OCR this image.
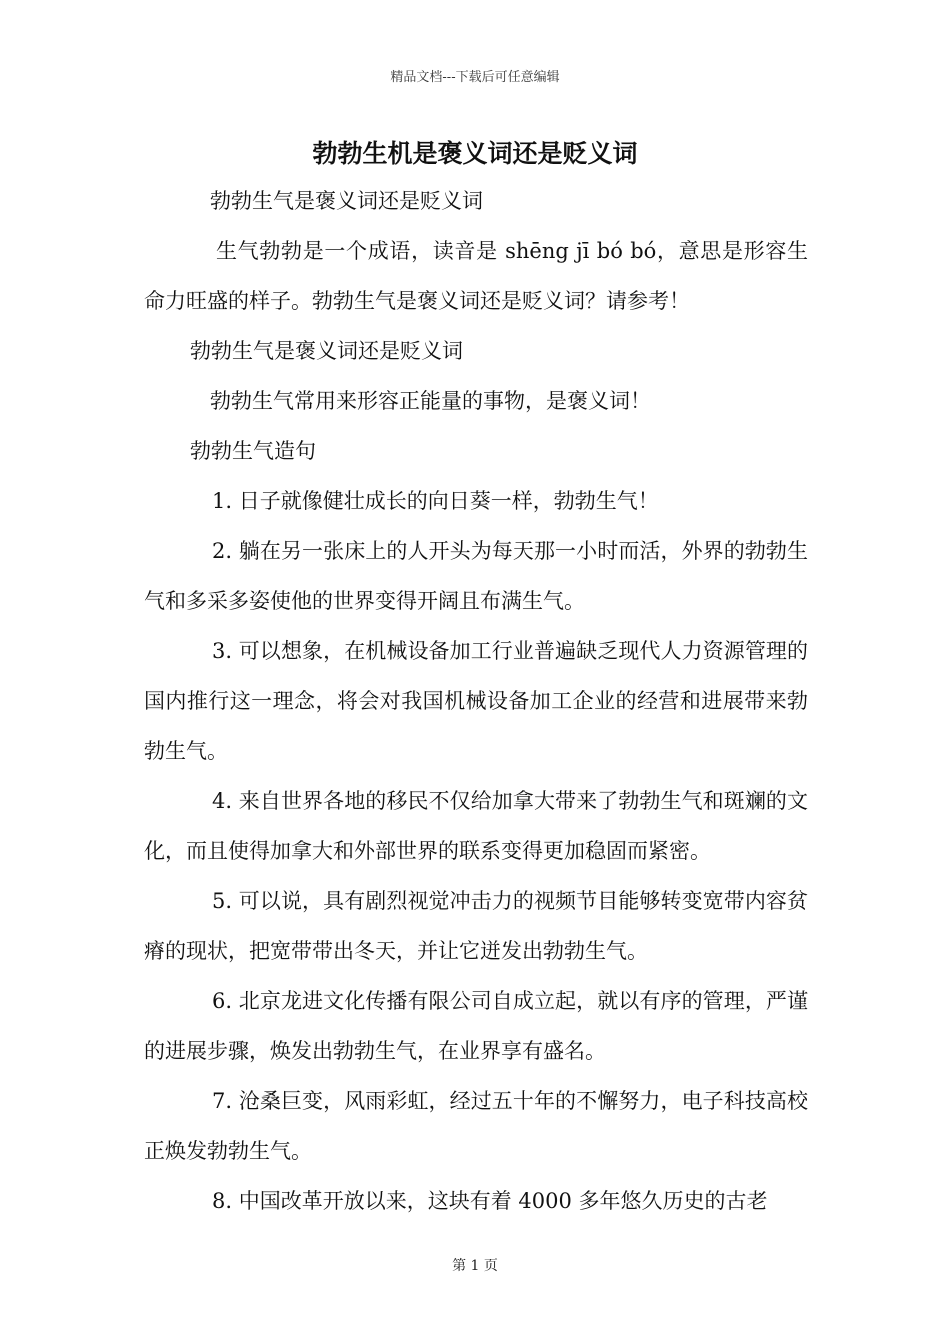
精品文档---下载后可任意编辑
勃勃生机是褒义词还是贬义词

勃勃生气是褒义词还是贬义词

生气勃勃是一个成语，读音是 shēng jī bó bó，意思是形容生命力旺盛的样子。勃勃生气是褒义词还是贬义词？请参考！

勃勃生气是褒义词还是贬义词

勃勃生气常用来形容正能量的事物，是褒义词！

勃勃生气造句

1. 日子就像健壮成长的向日葵一样，勃勃生气！

2. 躺在另一张床上的人开头为每天那一小时而活，外界的勃勃生气和多采多姿使他的世界变得开阔且布满生气。

3. 可以想象，在机械设备加工行业普遍缺乏现代人力资源管理的国内推行这一理念，将会对我国机械设备加工企业的经营和进展带来勃勃生气。

4. 来自世界各地的移民不仅给加拿大带来了勃勃生气和斑斓的文化，而且使得加拿大和外部世界的联系变得更加稳固而紧密。

5. 可以说，具有剧烈视觉冲击力的视频节目能够转变宽带内容贫瘠的现状，把宽带带出冬天，并让它迸发出勃勃生气。

6. 北京龙进文化传播有限公司自成立起，就以有序的管理，严谨的进展步骤，焕发出勃勃生气，在业界享有盛名。

7. 沧桑巨变，风雨彩虹，经过五十年的不懈努力，电子科技高校正焕发勃勃生气。

8. 中国改革开放以来，这块有着 4000 多年悠久历史的古老

第 1 页
